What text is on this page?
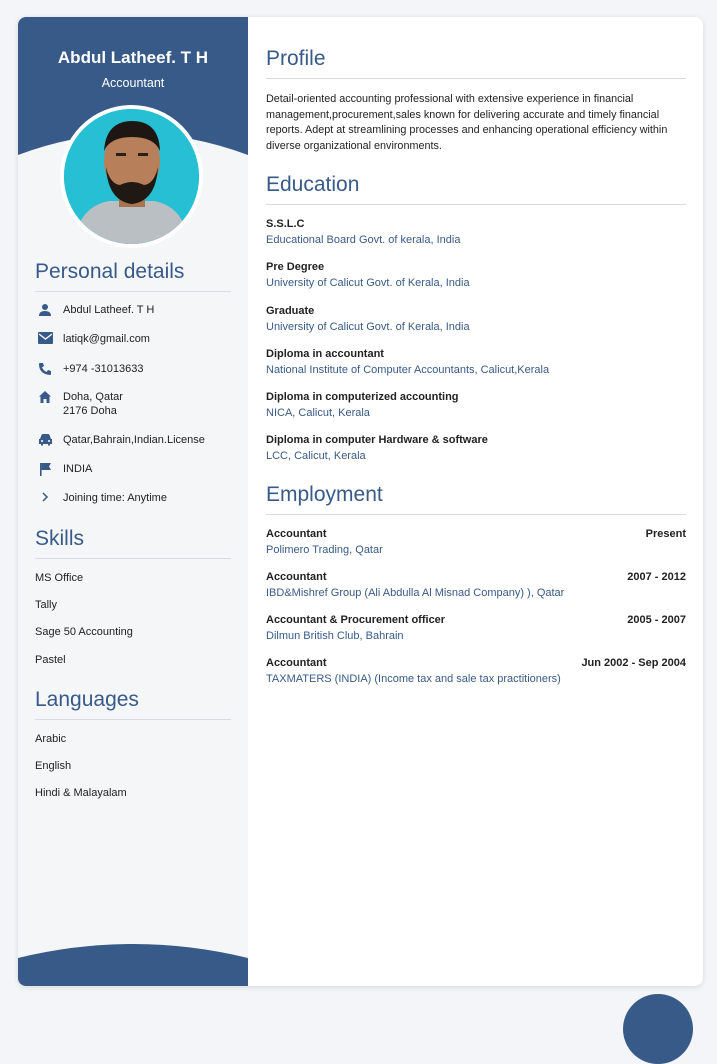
Abdul Latheef. T H
Accountant
Personal details
Abdul Latheef. T H
latiqk@gmail.com
+974 -31013633
Doha, Qatar
2176 Doha
Qatar,Bahrain,Indian.License
INDIA
Joining time: Anytime
Skills
MS Office
Tally
Sage 50 Accounting
Pastel
Languages
Arabic
English
Hindi & Malayalam
Profile
Detail-oriented accounting professional with extensive experience in financial management,procurement,sales known for delivering accurate and timely financial reports. Adept at streamlining processes and enhancing operational efficiency within diverse organizational environments.
Education
S.S.L.C
Educational Board Govt. of kerala, India
Pre Degree
University of Calicut Govt. of Kerala, India
Graduate
University of Calicut Govt. of Kerala, India
Diploma in accountant
National Institute of Computer Accountants, Calicut,Kerala
Diploma in computerized accounting
NICA, Calicut, Kerala
Diploma in computer Hardware & software
LCC, Calicut, Kerala
Employment
Accountant	Present
Polimero Trading, Qatar
Accountant	2007 - 2012
IBD&Mishref Group (Ali Abdulla Al Misnad Company) ), Qatar
Accountant & Procurement officer	2005 - 2007
Dilmun British Club, Bahrain
Accountant	Jun 2002 - Sep 2004
TAXMATERS (INDIA) (Income tax and sale tax practitioners)
